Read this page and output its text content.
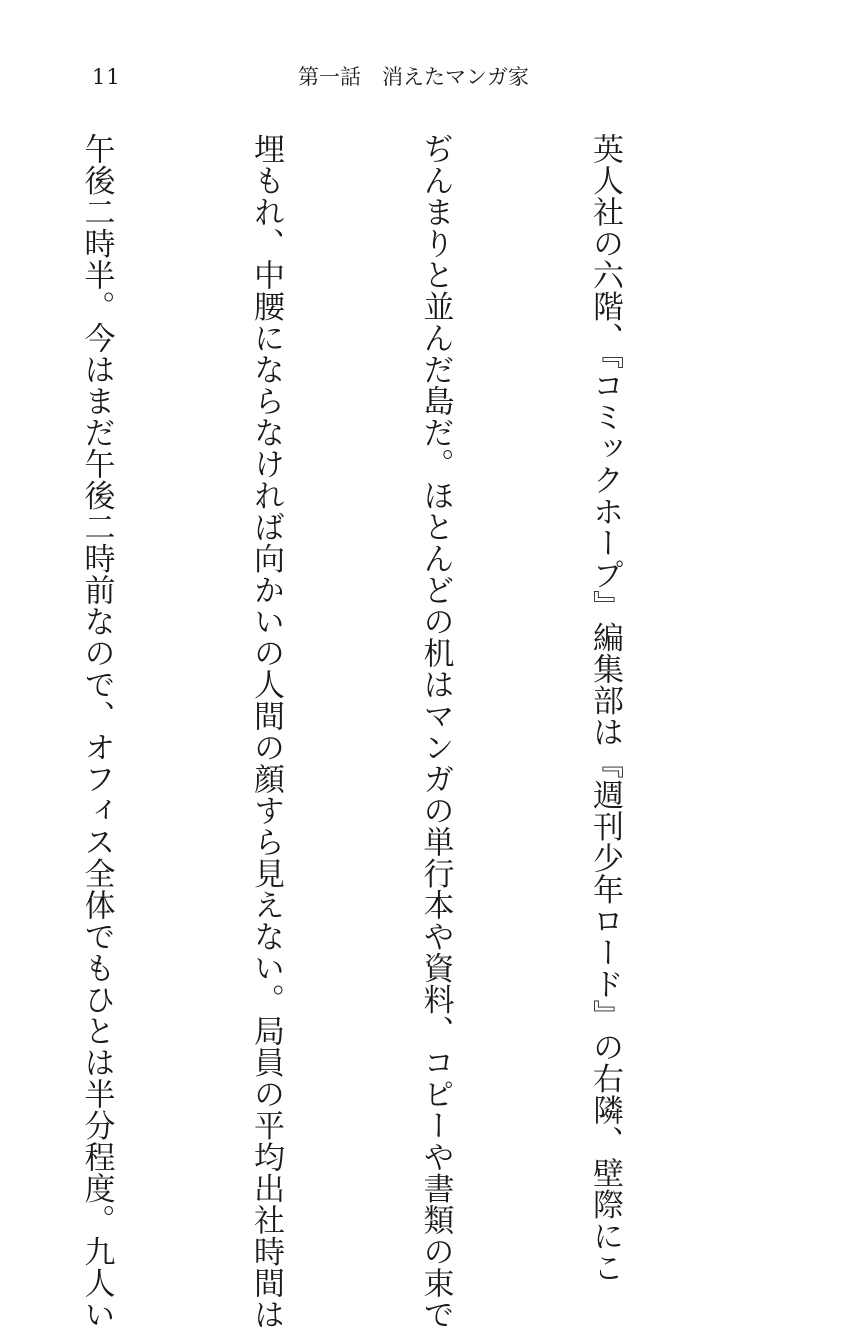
11	第一話　消えたマンガ家

英人社の六階、『コミックホープ』編集部は『週刊少年ロード』の右隣、壁際にこ

ぢんまりと並んだ島だ。ほとんどの机はマンガの単行本や資料、コピーや書類の束で

埋もれ、中腰にならなければ向かいの人間の顔すら見えない。局員の平均出社時間は

午後二時半。今はまだ午後二時前なので、オフィス全体でもひとは半分程度。九人い
